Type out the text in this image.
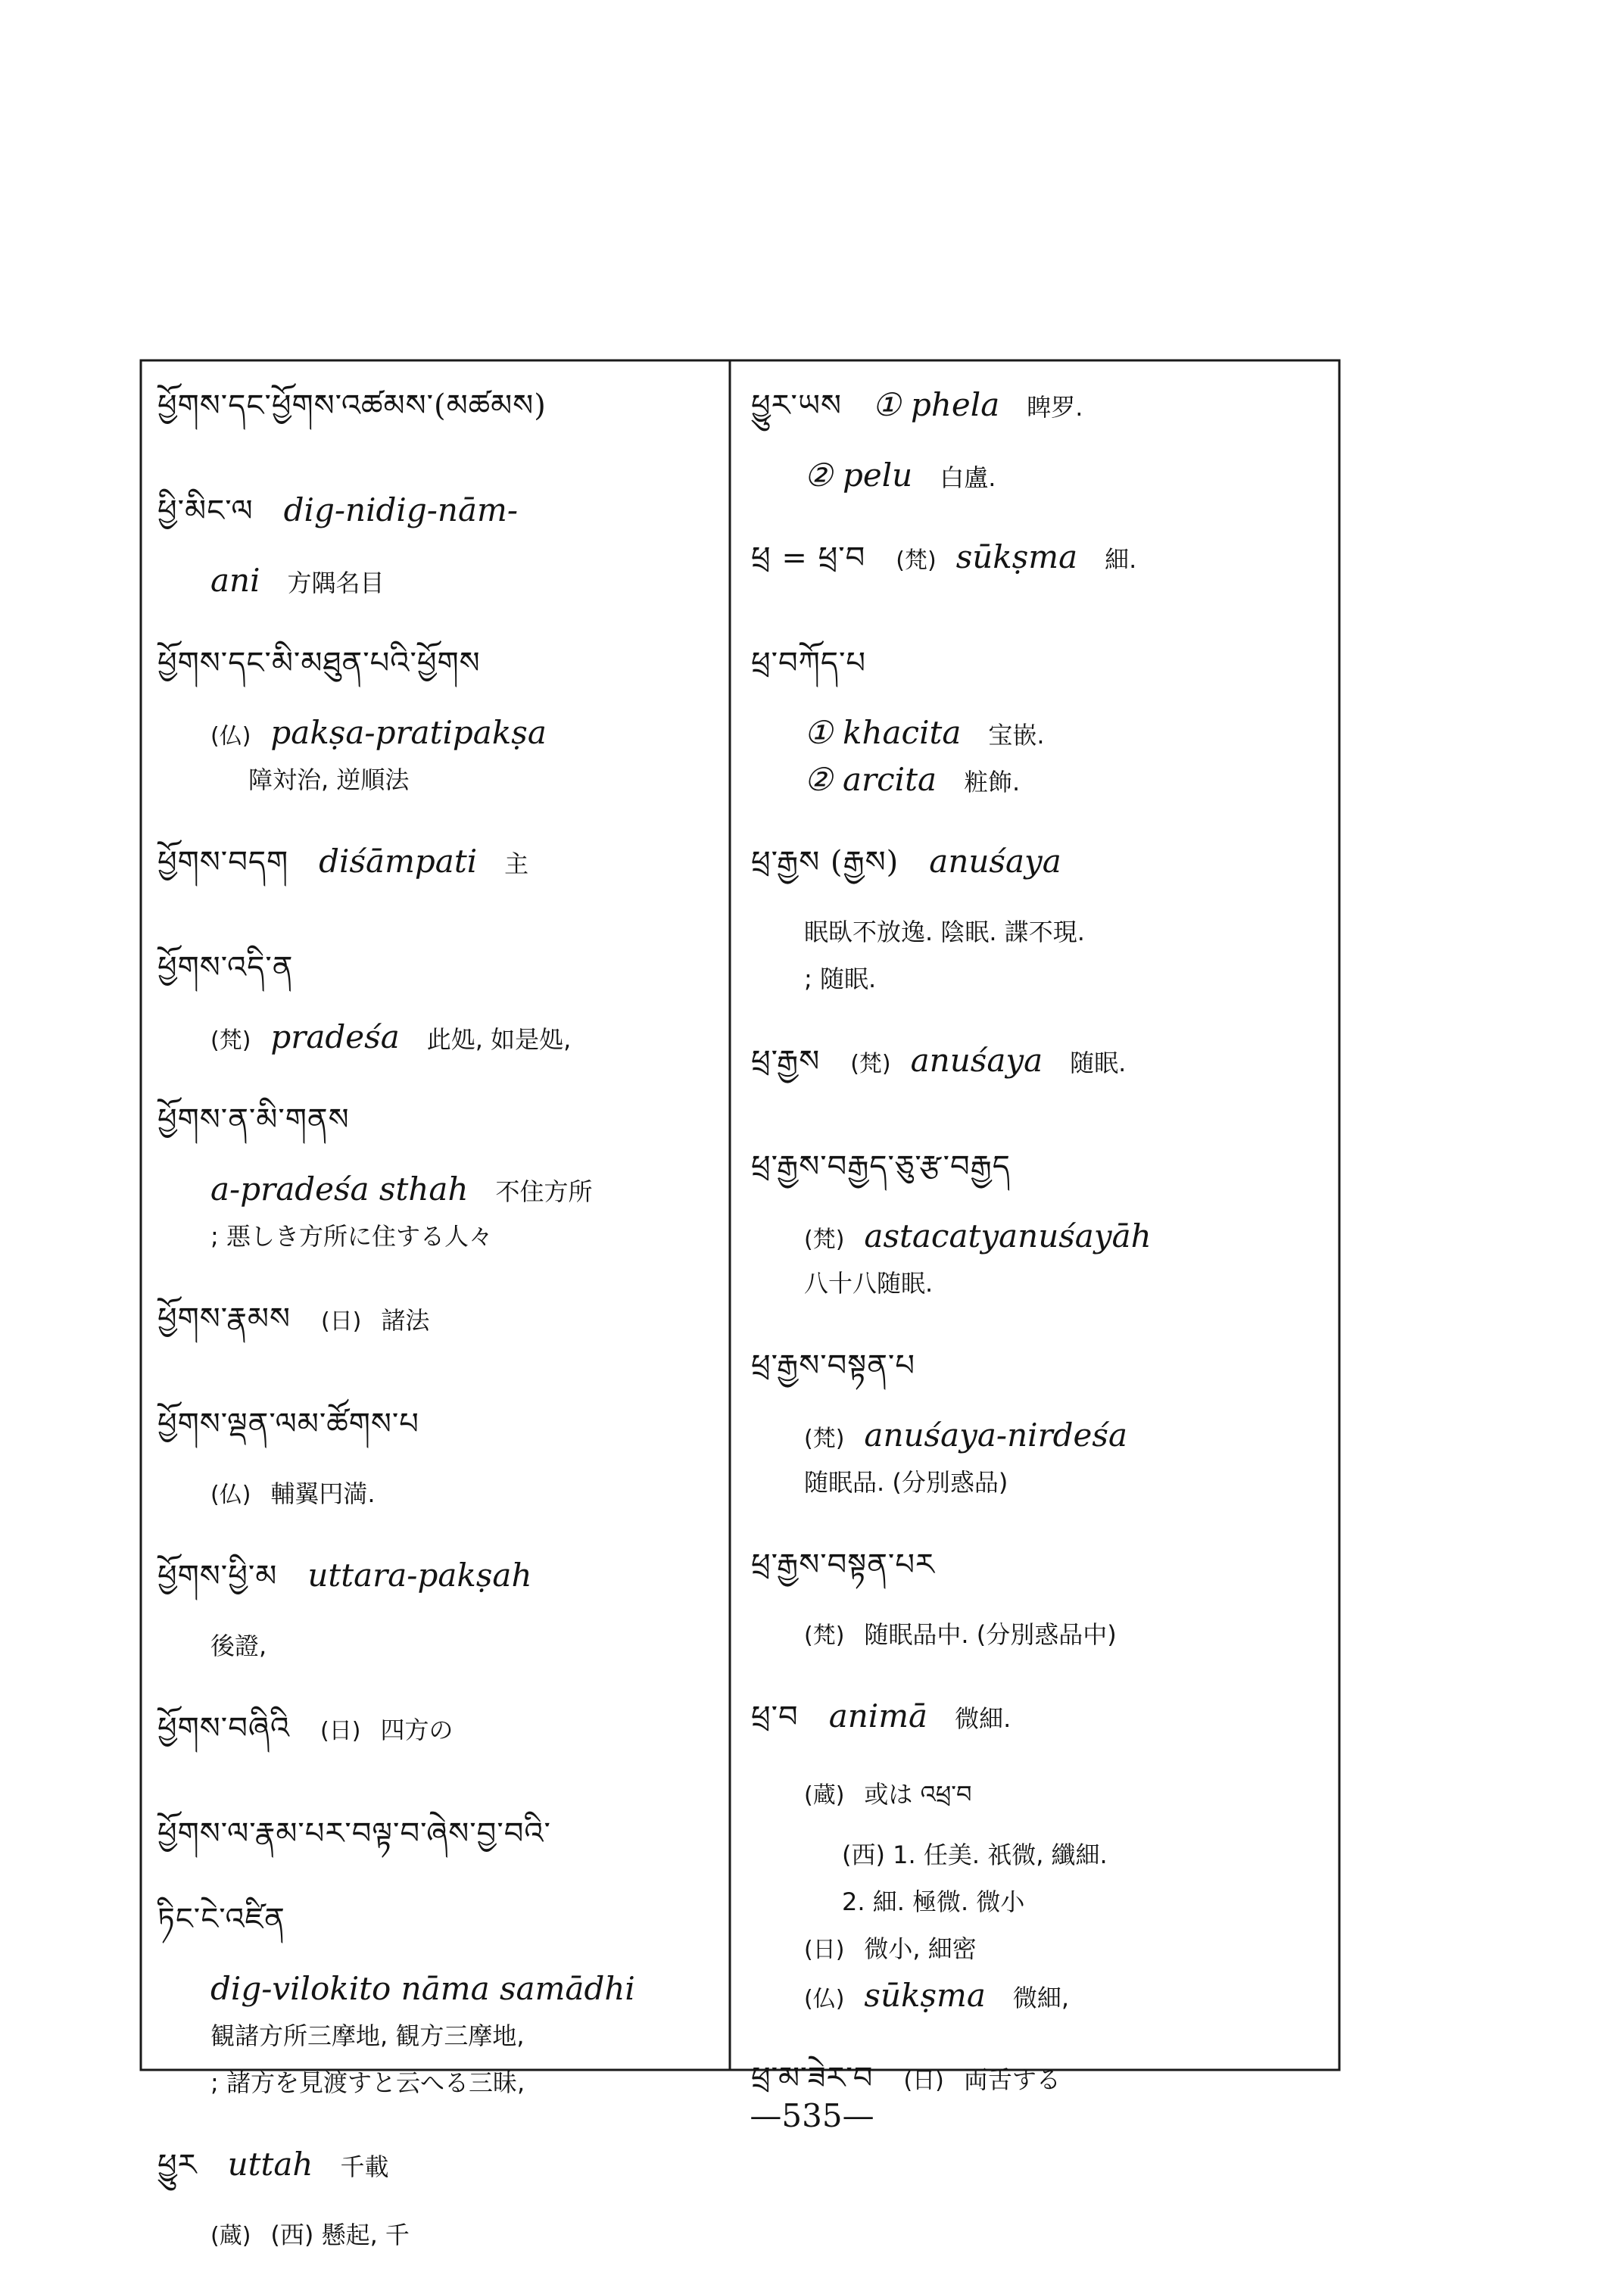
ཕྱོགས་དང་ཕྱོགས་འཚམས་(མཚམས)
ཕྱི་མིང་ལ dig-nidig-nām-
ani 方隅名目
ཕྱོགས་དང་མི་མཐུན་པའི་ཕྱོགས
(仏) pakṣa-pratipakṣa
障対治, 逆順法
ཕྱོགས་བདག diśāmpati 主
ཕྱོགས་འདི་ན
(梵) pradeśa 此処, 如是処,
ཕྱོགས་ན་མི་གནས
a-pradeśa sthah 不住方所
; 悪しき方所に住する人々
ཕྱོགས་རྣམས (日) 諸法
ཕྱོགས་ལྡན་ལམ་ཚོགས་པ
(仏) 輔翼円満.
ཕྱོགས་ཕྱི་མ uttara-pakṣah
後證,
ཕྱོགས་བཞིའི (日) 四方の
ཕྱོགས་ལ་རྣམ་པར་བལྟ་བ་ཞེས་བྱ་བའི་
ཏིང་ངེ་འཛིན
dig-vilokito nāma samādhi
観諸方所三摩地, 観方三摩地,
; 諸方を見渡すと云へる三昧,
ཕྱུར uttah 千載
(蔵) (西) 懸起, 千
ཕྱུར་ཡས ① phela 睥罗.
② pelu 白盧.
ཕྲ = ཕྲ་བ (梵) sūkṣma 細.
ཕྲ་བཀོད་པ
① khacita 宝嵌.
② arcita 粧飾.
ཕྲ་རྒྱས (རྒྱས) anuśaya
眠臥不放逸. 陰眠. 諜不現.
; 随眠.
ཕྲ་རྒྱས (梵) anuśaya 随眠.
ཕྲ་རྒྱས་བརྒྱད་ཅུ་རྩ་བརྒྱད
(梵) astacatyanuśayāh
八十八随眠.
ཕྲ་རྒྱས་བསྟན་པ
(梵) anuśaya-nirdeśa
随眠品. (分別惑品)
ཕྲ་རྒྱས་བསྟན་པར
(梵) 随眠品中. (分別惑品中)
ཕྲ་བ animā 微細.
(蔵) 或は འཕྲ་བ
(西) 1. 任美. 祇微, 纖細.
2. 細. 極微. 微小
(日) 微小, 細密
(仏) sūkṣma 微細,
ཕྲ་མ་ཟེར་བ (日) 両舌する
—535—
